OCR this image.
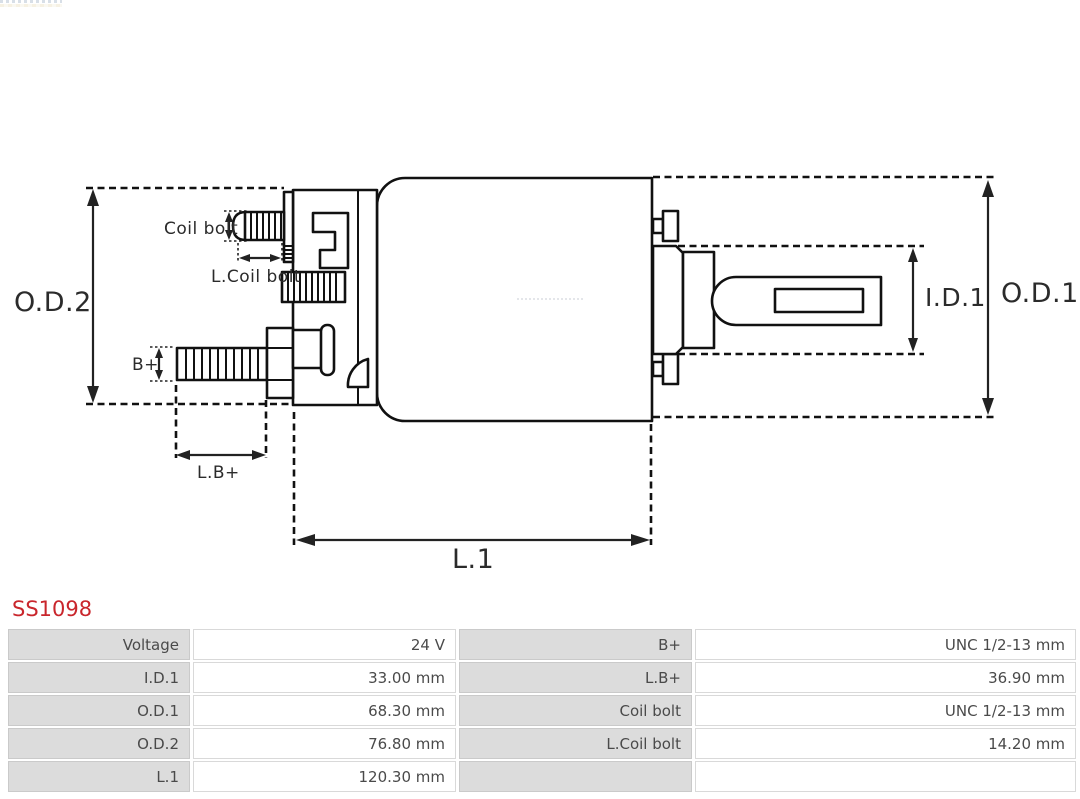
O.D.2	O.D.1
I.D.1
L.1
L.B+
B+
Coil bolt
L.Coil bolt
SS1098
Voltage	24 V	B+	UNC 1/2-13 mm
I.D.1	33.00 mm	L.B+	36.90 mm
O.D.1	68.30 mm	Coil bolt	UNC 1/2-13 mm
O.D.2	76.80 mm	L.Coil bolt	14.20 mm
L.1	120.30 mm
